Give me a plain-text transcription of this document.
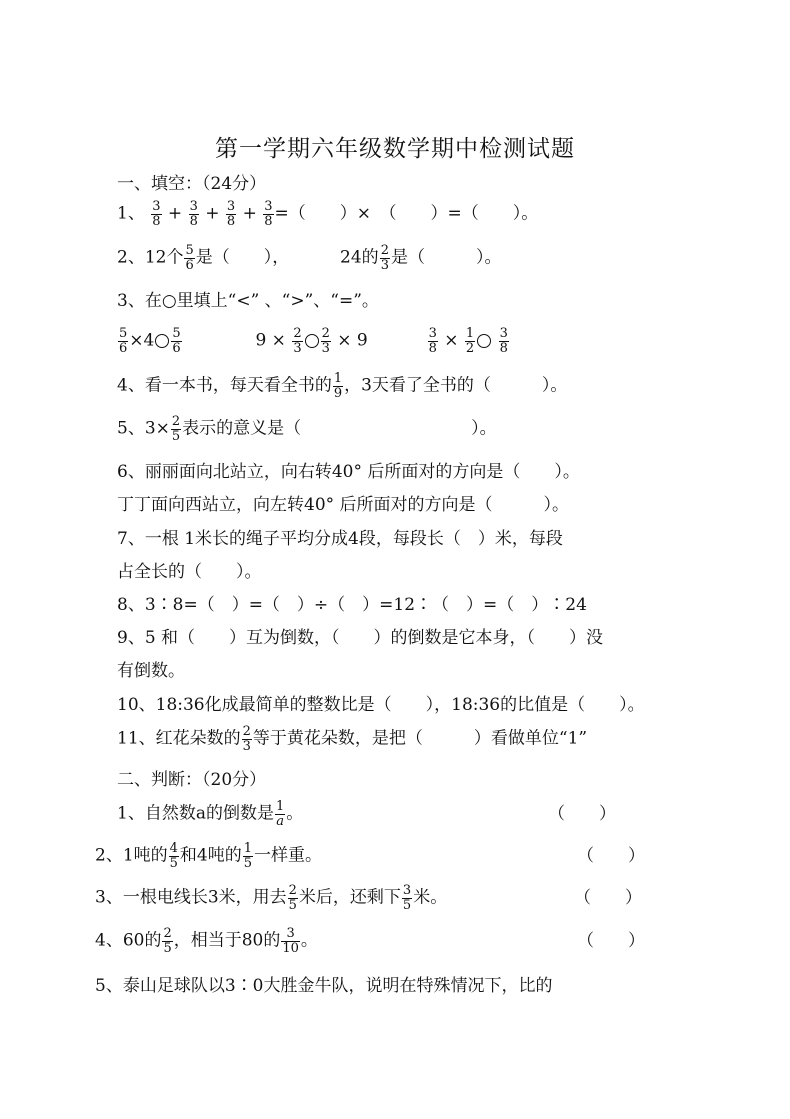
第一学期六年级数学期中检测试题
一、填空：（24分）
1、 $\frac{3}{8} + \frac{3}{8} + \frac{3}{8} + \frac{3}{8}$ =（　　）×　（　　）=（　　）。
2、12个 $\frac{5}{6}$ 是（　　），	24的 $\frac{2}{3}$ 是（　　　）。
3、在○里填上“<” 、“>”、“=”。
$\frac{5}{6} \times 4 \frac{5}{6}$	$9 \times \frac{2}{3} \frac{2}{3} \times 9$	$\frac{3}{8} \times \frac{1}{2}$
$\frac{3}{8}$
4、看一本书，每天看全书的 $\frac{1}{9}$ ，3天看了全书的（　　　）。
5、$3\times \frac{2}{5}$ 表示的意义是（　　　　　　　　　　）。
6、丽丽面向北站立，向右转40° 后所面对的方向是（　　）。
丁丁面向西站立，向左转40° 后所面对的方向是（　　　）。
7、一根 1米长的绳子平均分成4段，每段长（　）米，每段
占全长的（　　）。
8、3∶8=（　）=（　）÷（　）=12∶（　）=（　）∶24
9、5 和（　　）互为倒数，（　　）的倒数是它本身，（　　）没
有倒数。
10、18:36化成最简单的整数比是（　　），18:36的比值是（　　）。
11、红花朵数的 $\frac{2}{3}$ 等于黄花朵数，是把（　　　）看做单位“1”
二、判断：（20分）
1、自然数a的倒数是 $\frac{1}{a}$ 。	（　　）
2、1吨的 $\frac{4}{5}$ 和4吨的 $\frac{1}{5}$ 一样重。	（　　）
3、一根电线长3米，用去 $\frac{2}{5}$ 米后，还剩下 $\frac{3}{5}$ 米。	（　　）
4、60的 $\frac{2}{5}$ ，相当于80的 $\frac{3}{10}$ 。	（　　）
5、泰山足球队以3∶0大胜金牛队，说明在特殊情况下，比的
